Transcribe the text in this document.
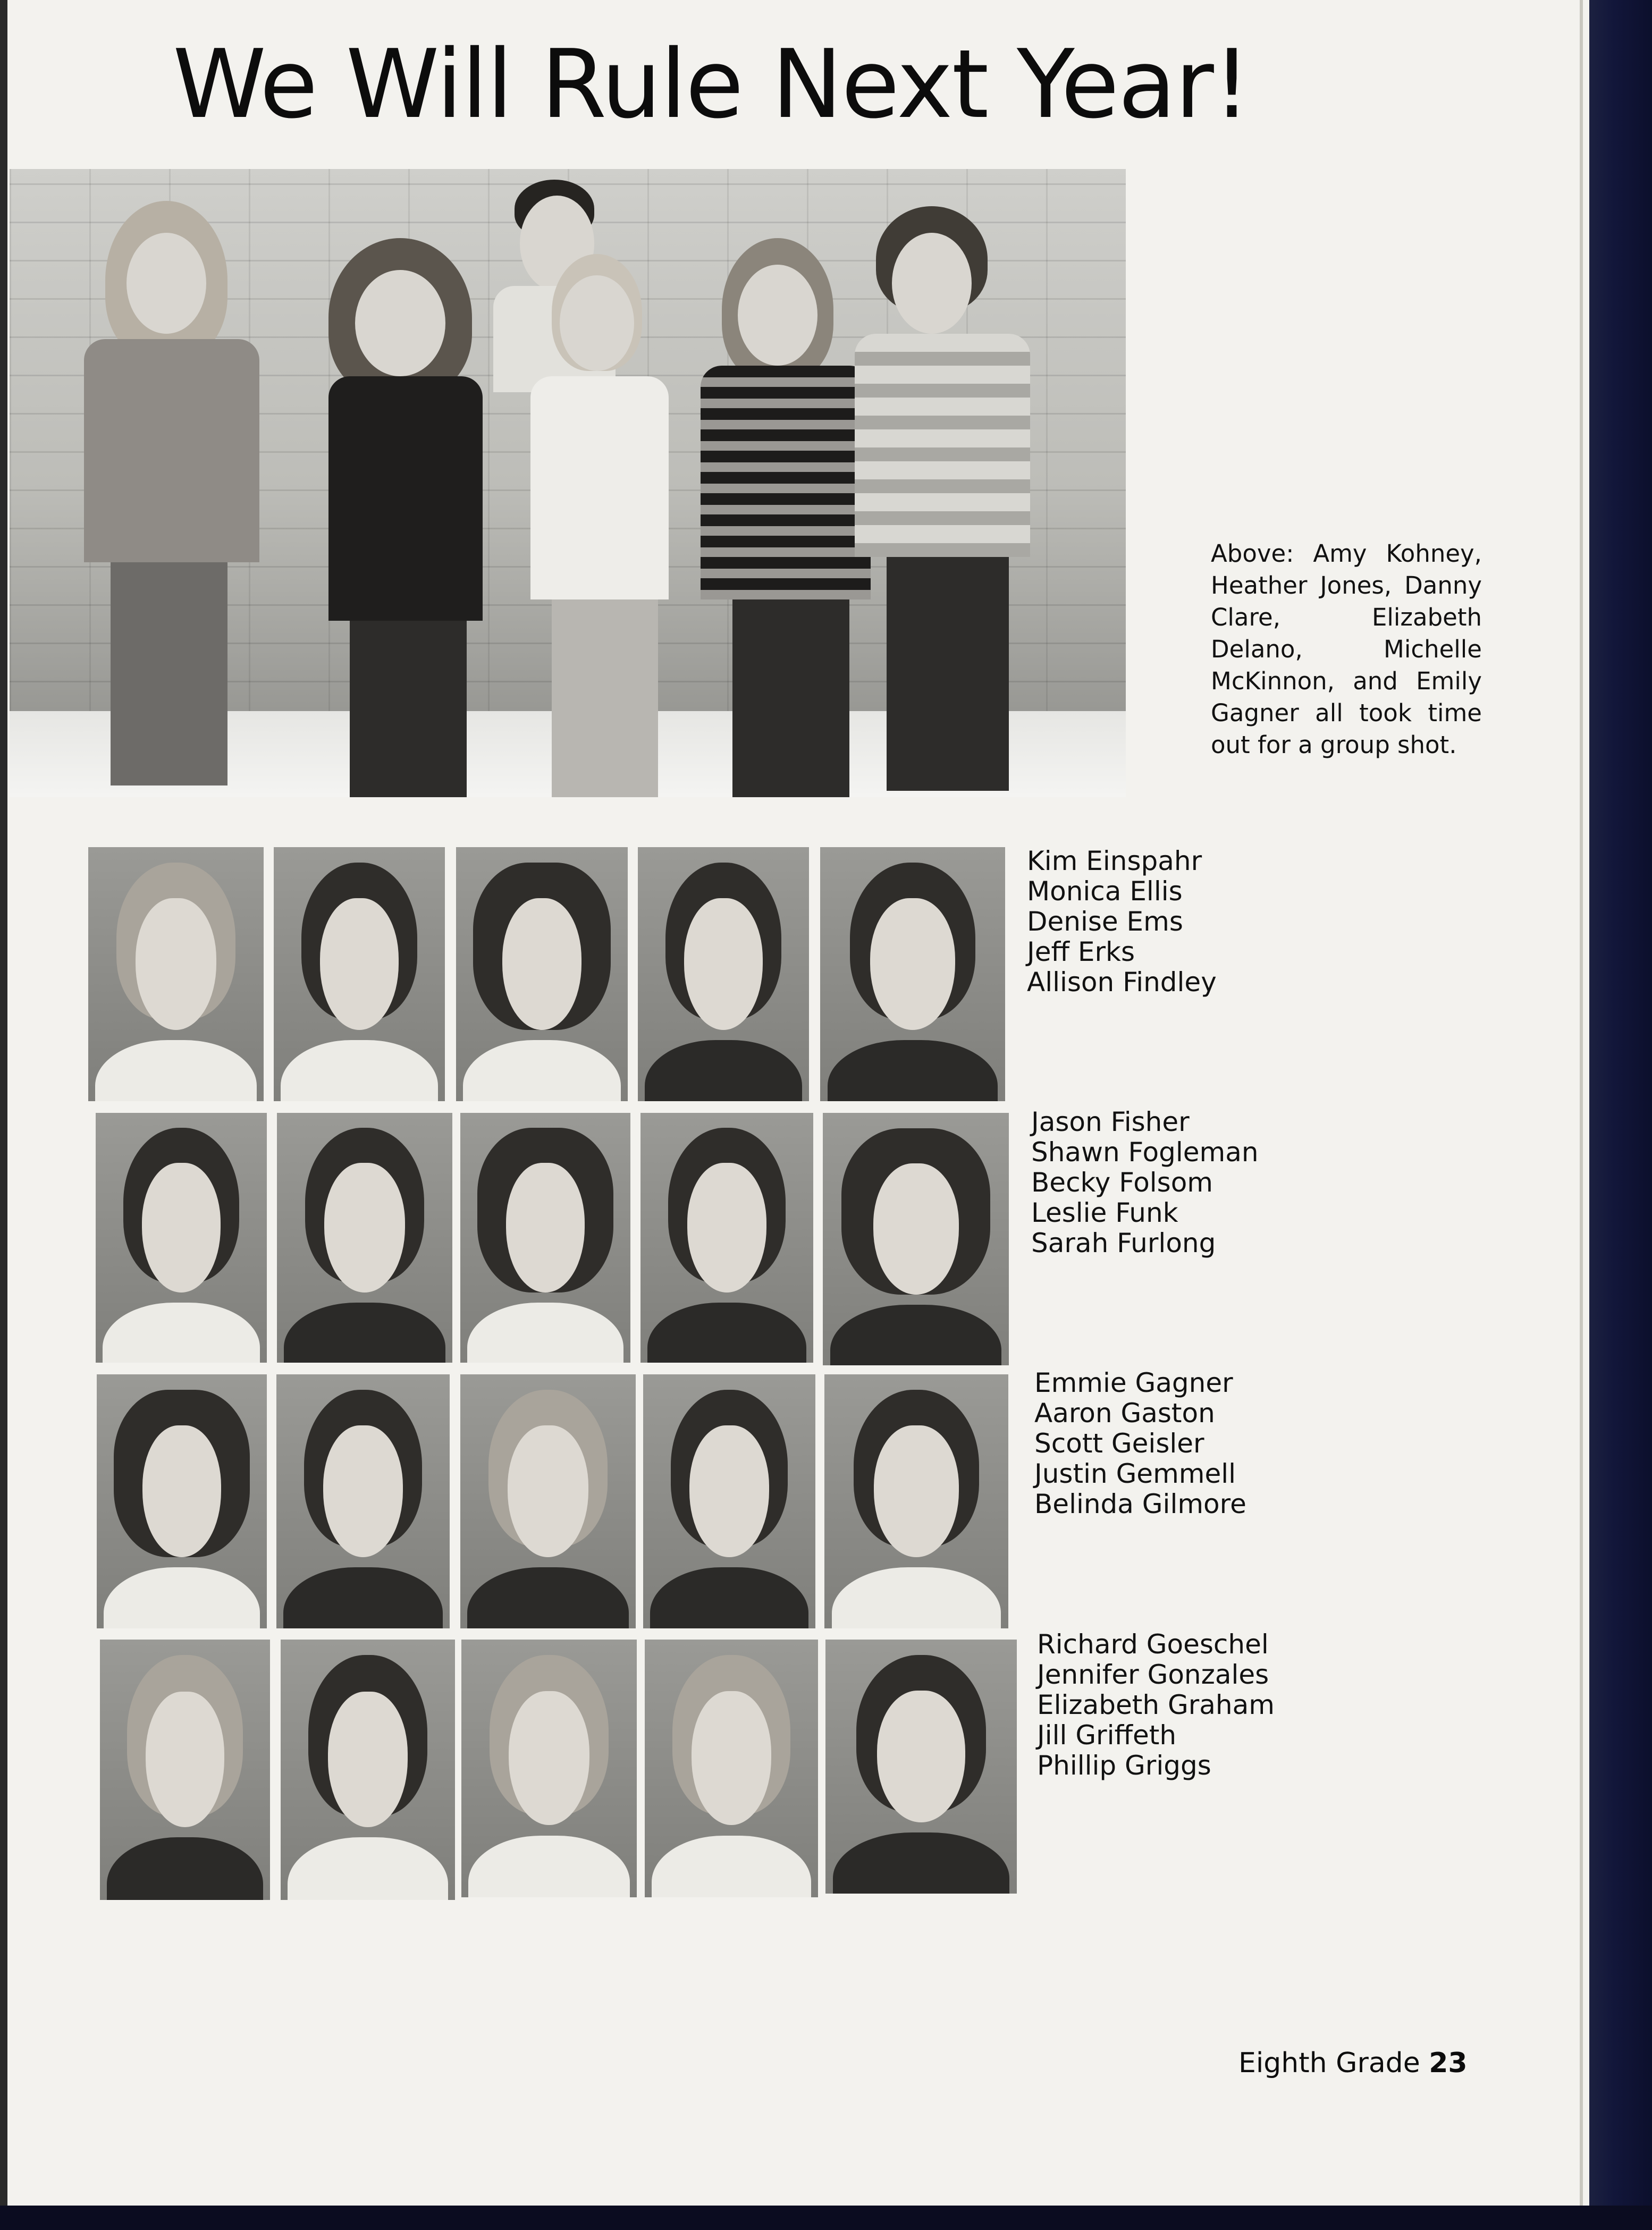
We Will Rule Next Year!

Above: Amy Kohney, Heather Jones, Danny Clare, Elizabeth Delano, Michelle McKinnon, and Emily Gagner all took time out for a group shot.

Kim Einspahr
Monica Ellis
Denise Ems
Jeff Erks
Allison Findley
Jason Fisher
Shawn Fogleman
Becky Folsom
Leslie Funk
Sarah Furlong
Emmie Gagner
Aaron Gaston
Scott Geisler
Justin Gemmell
Belinda Gilmore
Richard Goeschel
Jennifer Gonzales
Elizabeth Graham
Jill Griffeth
Phillip Griggs
Eighth Grade 23
